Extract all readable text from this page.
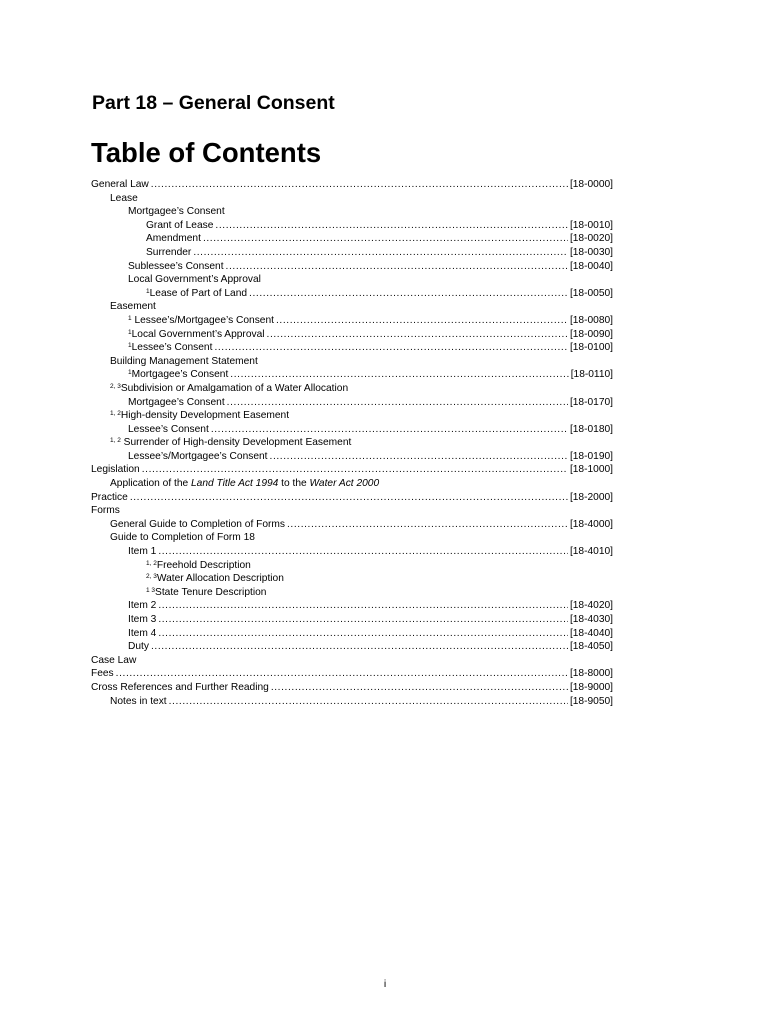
Part 18 – General Consent
Table of Contents
General Law .....	[18-0000]
Lease
Mortgagee’s Consent
Grant of Lease .....	[18-0010]
Amendment .....	[18-0020]
Surrender .....	[18-0030]
Sublessee’s Consent .....	[18-0040]
Local Government’s Approval
$^1$Lease of Part of Land .....	[18-0050]
Easement
$^1$ Lessee’s/Mortgagee’s Consent .....	[18-0080]
$^1$Local Government’s Approval .....	[18-0090]
$^1$Lessee’s Consent .....	[18-0100]
Building Management Statement
$^1$Mortgagee’s Consent .....	[18-0110]
$^{2, 3}$Subdivision or Amalgamation of a Water Allocation
Mortgagee’s Consent .....	[18-0170]
$^{1, 2}$High-density Development Easement
Lessee’s Consent .....	[18-0180]
$^{1, 2}$ Surrender of High-density Development Easement
Lessee’s/Mortgagee’s Consent .....	[18-0190]
Legislation .....	[18-1000]
Application of the Land Title Act 1994 to the Water Act 2000
Practice .....	[18-2000]
Forms
General Guide to Completion of Forms .....	[18-4000]
Guide to Completion of Form 18
Item 1 .....	[18-4010]
$^{1, 2}$Freehold Description
$^{2, 3}$Water Allocation Description
$^{1 3}$State Tenure Description
Item 2 .....	[18-4020]
Item 3 .....	[18-4030]
Item 4 .....	[18-4040]
Duty .....	[18-4050]
Case Law
Fees .....	[18-8000]
Cross References and Further Reading .....	[18-9000]
Notes in text .....	[18-9050]
i
